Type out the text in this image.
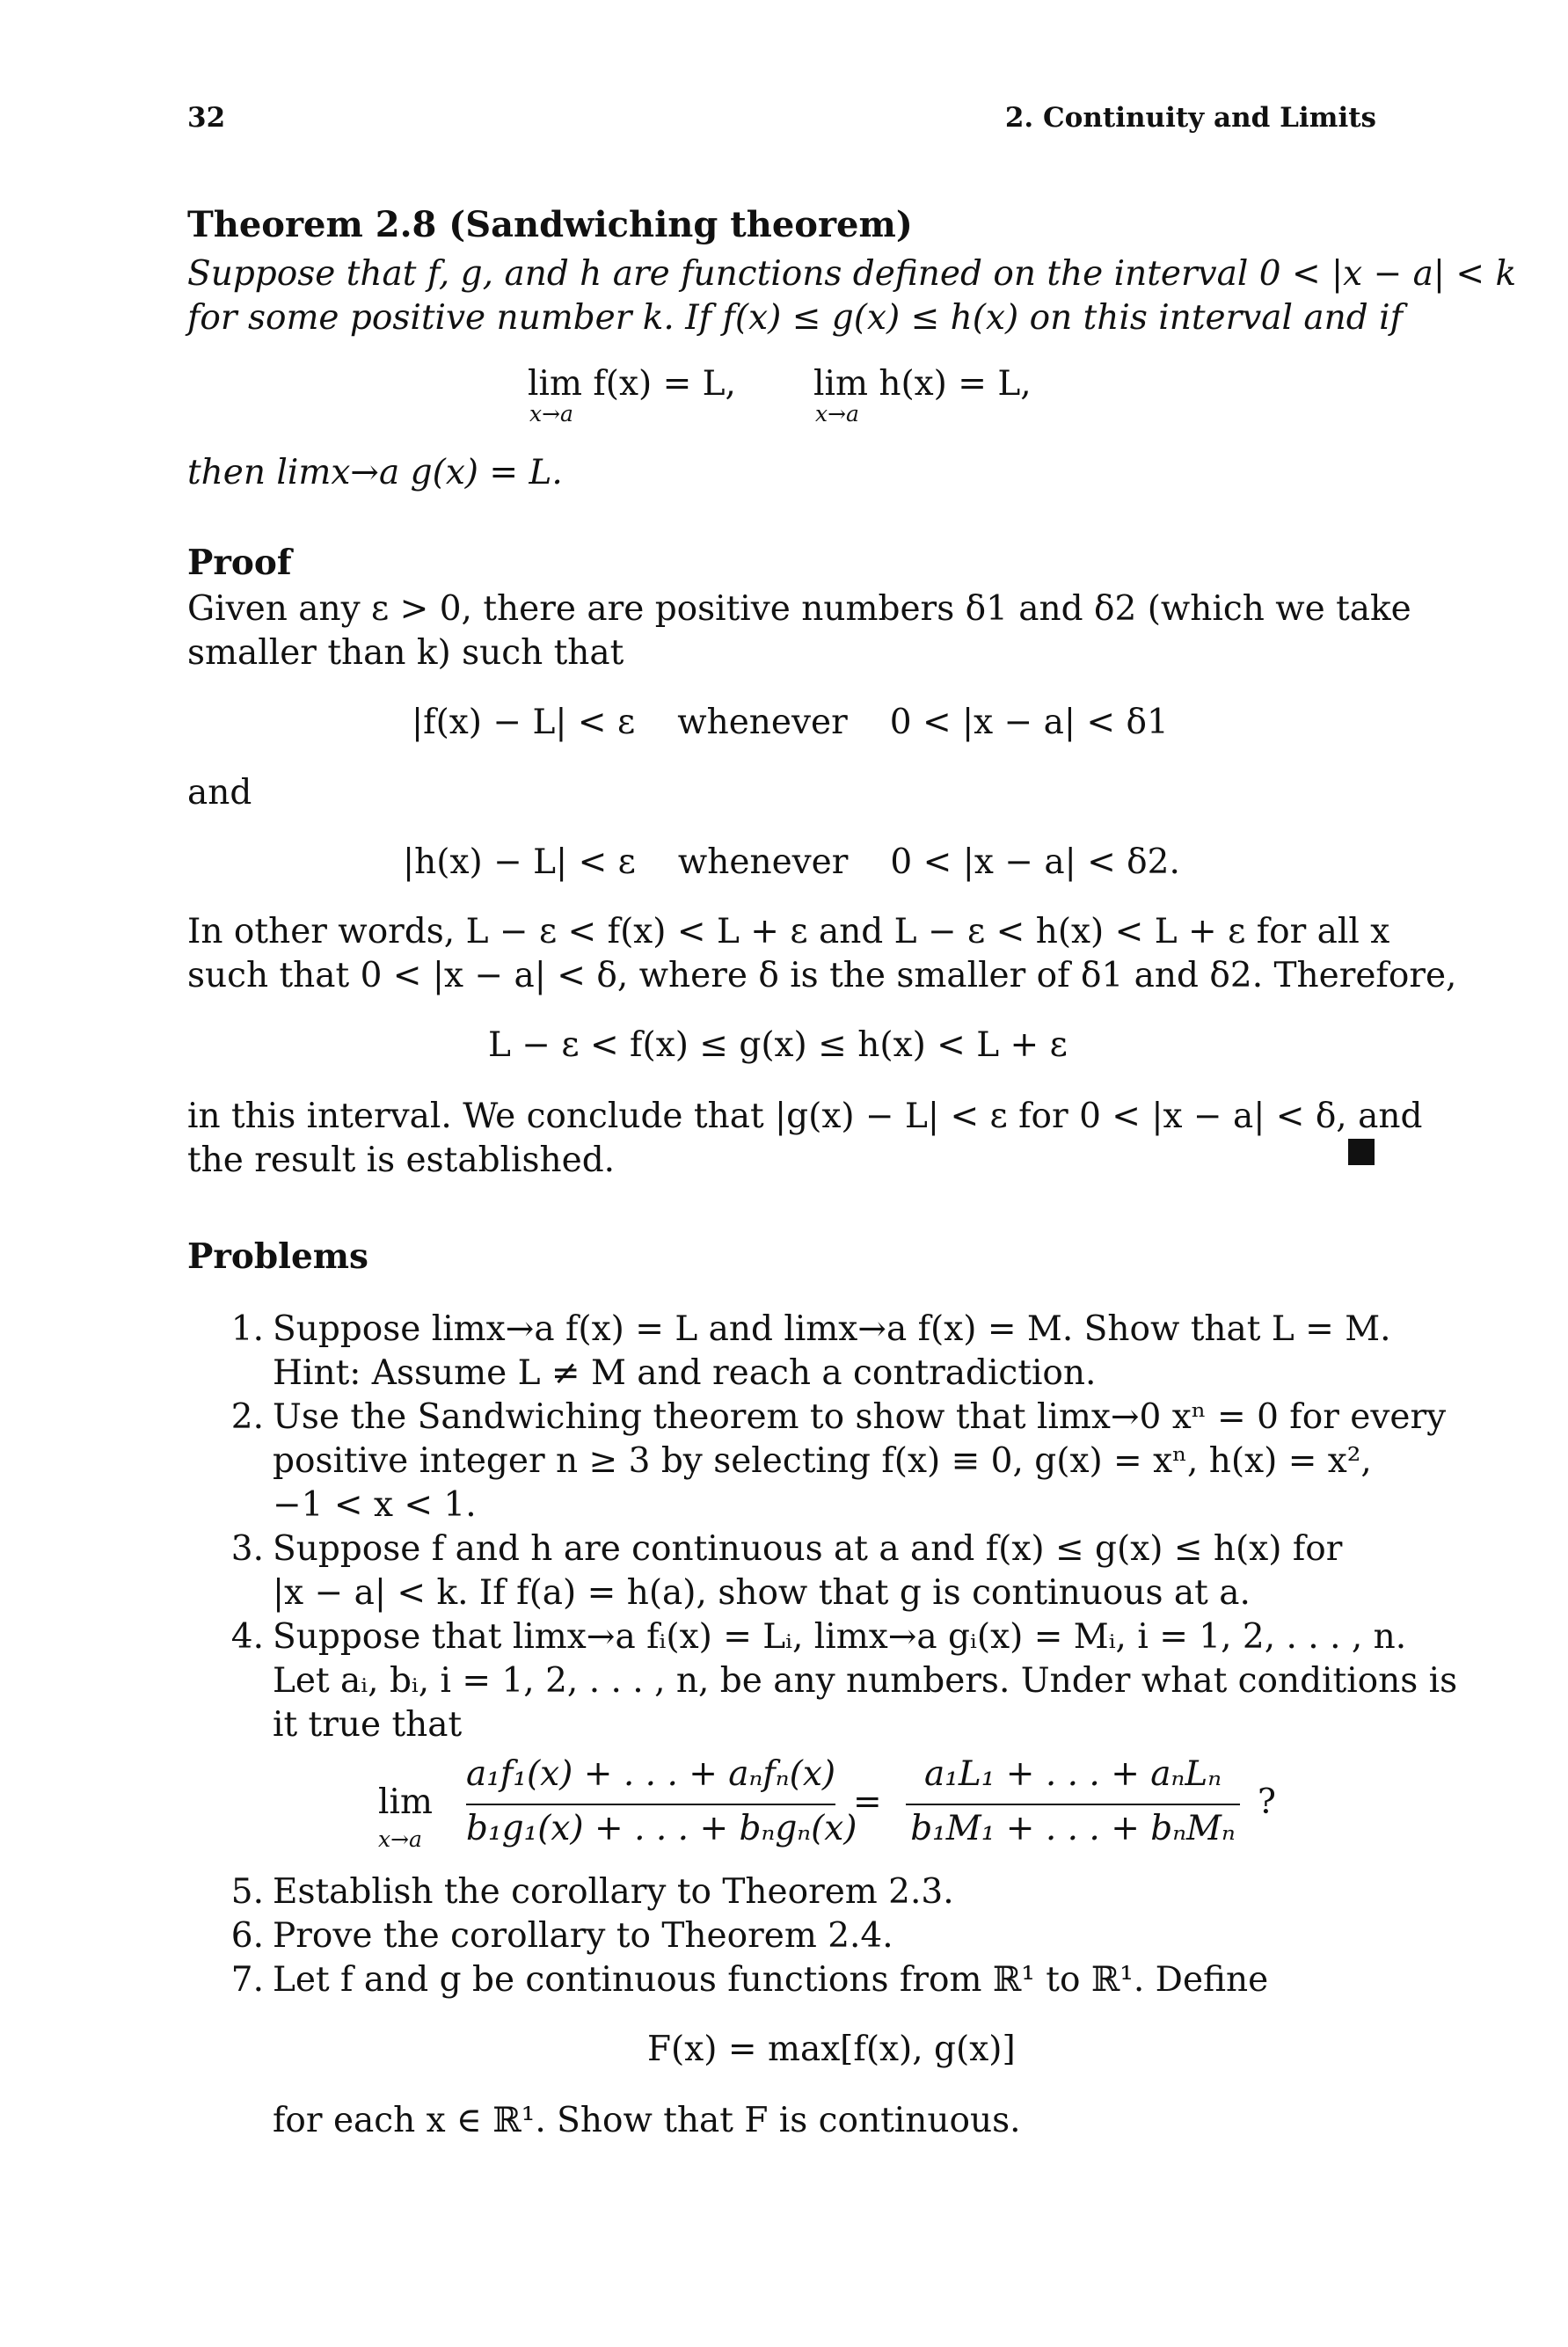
32	2. Continuity and Limits
Theorem 2.8 (Sandwiching theorem)
Suppose that f, g, and h are functions defined on the interval 0 < |x − a| < k
for some positive number k. If f(x) ≤ g(x) ≤ h(x) on this interval and if
lim f(x) = L,
x→a
lim h(x) = L,
x→a
then limx→a g(x) = L.
Proof
Given any ε > 0, there are positive numbers δ1 and δ2 (which we take
smaller than k) such that
|f(x) − L| < ε whenever 0 < |x − a| < δ1
and
|h(x) − L| < ε whenever 0 < |x − a| < δ2.
In other words, L − ε < f(x) < L + ε and L − ε < h(x) < L + ε for all x
such that 0 < |x − a| < δ, where δ is the smaller of δ1 and δ2. Therefore,
L − ε < f(x) ≤ g(x) ≤ h(x) < L + ε
in this interval. We conclude that |g(x) − L| < ε for 0 < |x − a| < δ, and
the result is established.
Problems
1. Suppose limx→a f(x) = L and limx→a f(x) = M. Show that L = M.
Hint: Assume L ≠ M and reach a contradiction.
2. Use the Sandwiching theorem to show that limx→0 xⁿ = 0 for every
positive integer n ≥ 3 by selecting f(x) ≡ 0, g(x) = xⁿ, h(x) = x²,
−1 < x < 1.
3. Suppose f and h are continuous at a and f(x) ≤ g(x) ≤ h(x) for
|x − a| < k. If f(a) = h(a), show that g is continuous at a.
4. Suppose that limx→a fᵢ(x) = Lᵢ, limx→a gᵢ(x) = Mᵢ, i = 1, 2, . . . , n.
Let aᵢ, bᵢ, i = 1, 2, . . . , n, be any numbers. Under what conditions is
it true that
lim
x→a
a₁f₁(x) + . . . + aₙfₙ(x)
b₁g₁(x) + . . . + bₙgₙ(x)
=
a₁L₁ + . . . + aₙLₙ
b₁M₁ + . . . + bₙMₙ
?
5. Establish the corollary to Theorem 2.3.
6. Prove the corollary to Theorem 2.4.
7. Let f and g be continuous functions from ℝ¹ to ℝ¹. Define
F(x) = max[f(x), g(x)]
for each x ∈ ℝ¹. Show that F is continuous.
